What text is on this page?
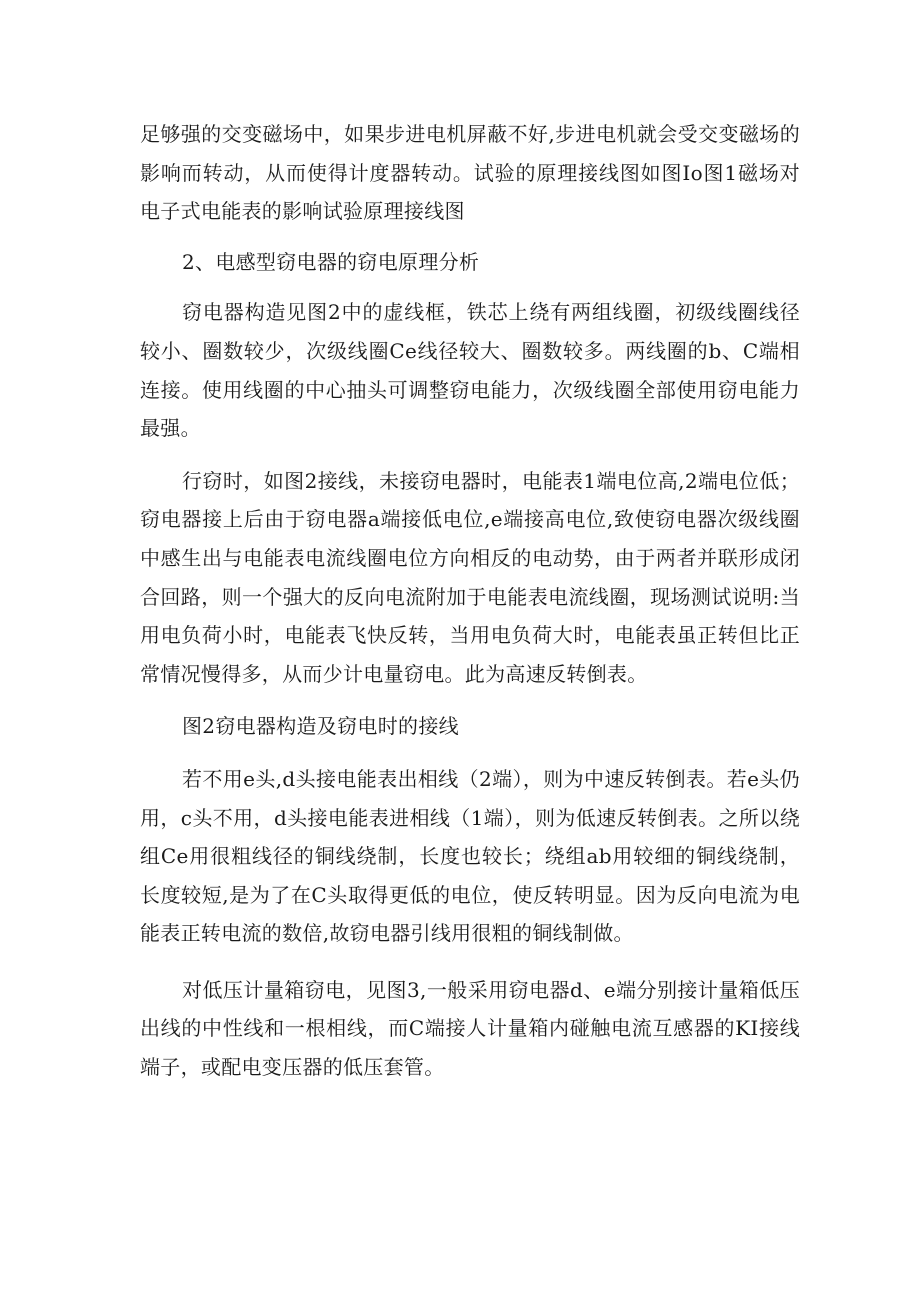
足够强的交变磁场中，如果步进电机屏蔽不好,步进电机就会受交变磁场的影响而转动，从而使得计度器转动。试验的原理接线图如图Io图1磁场对电子式电能表的影响试验原理接线图

2、电感型窃电器的窃电原理分析

窃电器构造见图2中的虚线框，铁芯上绕有两组线圈，初级线圈线径较小、圈数较少，次级线圈Ce线径较大、圈数较多。两线圈的b、C端相连接。使用线圈的中心抽头可调整窃电能力，次级线圈全部使用窃电能力最强。

行窃时，如图2接线，未接窃电器时，电能表1端电位高,2端电位低；窃电器接上后由于窃电器a端接低电位,e端接高电位,致使窃电器次级线圈中感生出与电能表电流线圈电位方向相反的电动势，由于两者并联形成闭合回路，则一个强大的反向电流附加于电能表电流线圈，现场测试说明:当用电负荷小时，电能表飞快反转，当用电负荷大时，电能表虽正转但比正常情况慢得多，从而少计电量窃电。此为高速反转倒表。

图2窃电器构造及窃电时的接线

若不用e头,d头接电能表出相线（2端），则为中速反转倒表。若e头仍用，c头不用，d头接电能表进相线（1端），则为低速反转倒表。之所以绕组Ce用很粗线径的铜线绕制，长度也较长；绕组ab用较细的铜线绕制，长度较短,是为了在C头取得更低的电位，使反转明显。因为反向电流为电能表正转电流的数倍,故窃电器引线用很粗的铜线制做。

对低压计量箱窃电，见图3,一般采用窃电器d、e端分别接计量箱低压出线的中性线和一根相线，而C端接人计量箱内碰触电流互感器的KI接线端子，或配电变压器的低压套管。
